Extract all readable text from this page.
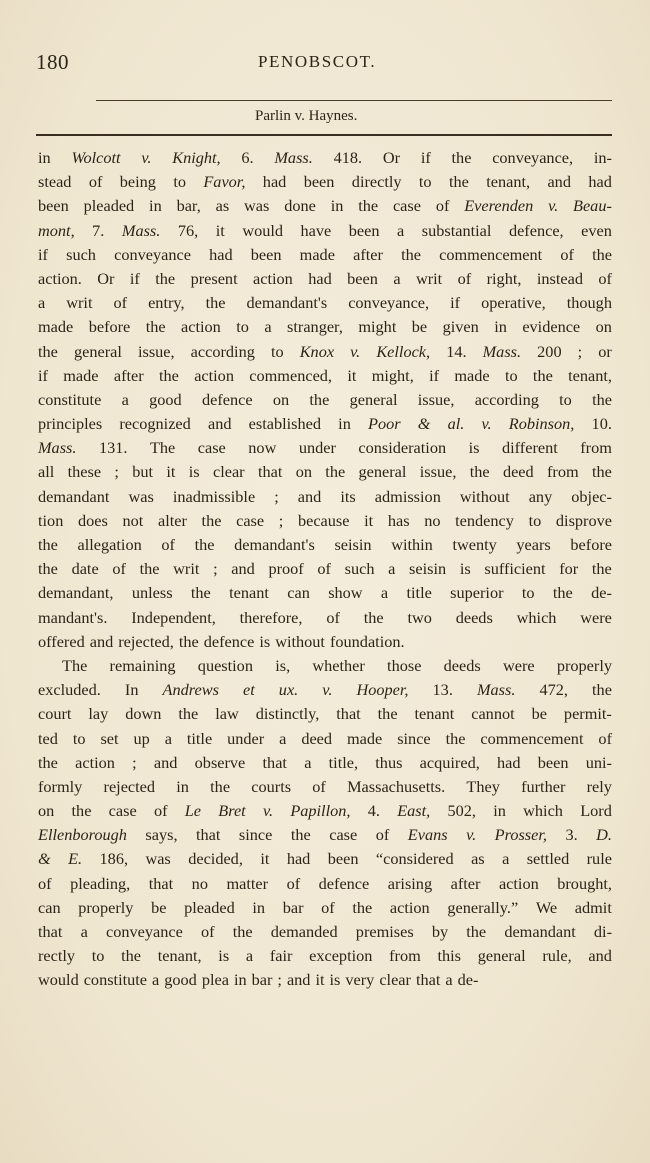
180	PENOBSCOT.
Parlin v. Haynes.
in Wolcott v. Knight, 6. Mass. 418. Or if the conveyance, in-
stead of being to Favor, had been directly to the tenant, and had
been pleaded in bar, as was done in the case of Everenden v. Beau-
mont, 7. Mass. 76, it would have been a substantial defence, even
if such conveyance had been made after the commencement of the
action. Or if the present action had been a writ of right, instead of
a writ of entry, the demandant's conveyance, if operative, though
made before the action to a stranger, might be given in evidence on
the general issue, according to Knox v. Kellock, 14. Mass. 200 ; or
if made after the action commenced, it might, if made to the tenant,
constitute a good defence on the general issue, according to the
principles recognized and established in Poor & al. v. Robinson, 10.
Mass. 131. The case now under consideration is different from
all these ; but it is clear that on the general issue, the deed from the
demandant was inadmissible ; and its admission without any objec-
tion does not alter the case ; because it has no tendency to disprove
the allegation of the demandant's seisin within twenty years before
the date of the writ ; and proof of such a seisin is sufficient for the
demandant, unless the tenant can show a title superior to the de-
mandant's. Independent, therefore, of the two deeds which were
offered and rejected, the defence is without foundation.
The remaining question is, whether those deeds were properly
excluded. In Andrews et ux. v. Hooper, 13. Mass. 472, the
court lay down the law distinctly, that the tenant cannot be permit-
ted to set up a title under a deed made since the commencement of
the action ; and observe that a title, thus acquired, had been uni-
formly rejected in the courts of Massachusetts. They further rely
on the case of Le Bret v. Papillon, 4. East, 502, in which Lord
Ellenborough says, that since the case of Evans v. Prosser, 3. D.
& E. 186, was decided, it had been “considered as a settled rule
of pleading, that no matter of defence arising after action brought,
can properly be pleaded in bar of the action generally.” We admit
that a conveyance of the demanded premises by the demandant di-
rectly to the tenant, is a fair exception from this general rule, and
would constitute a good plea in bar ; and it is very clear that a de-
